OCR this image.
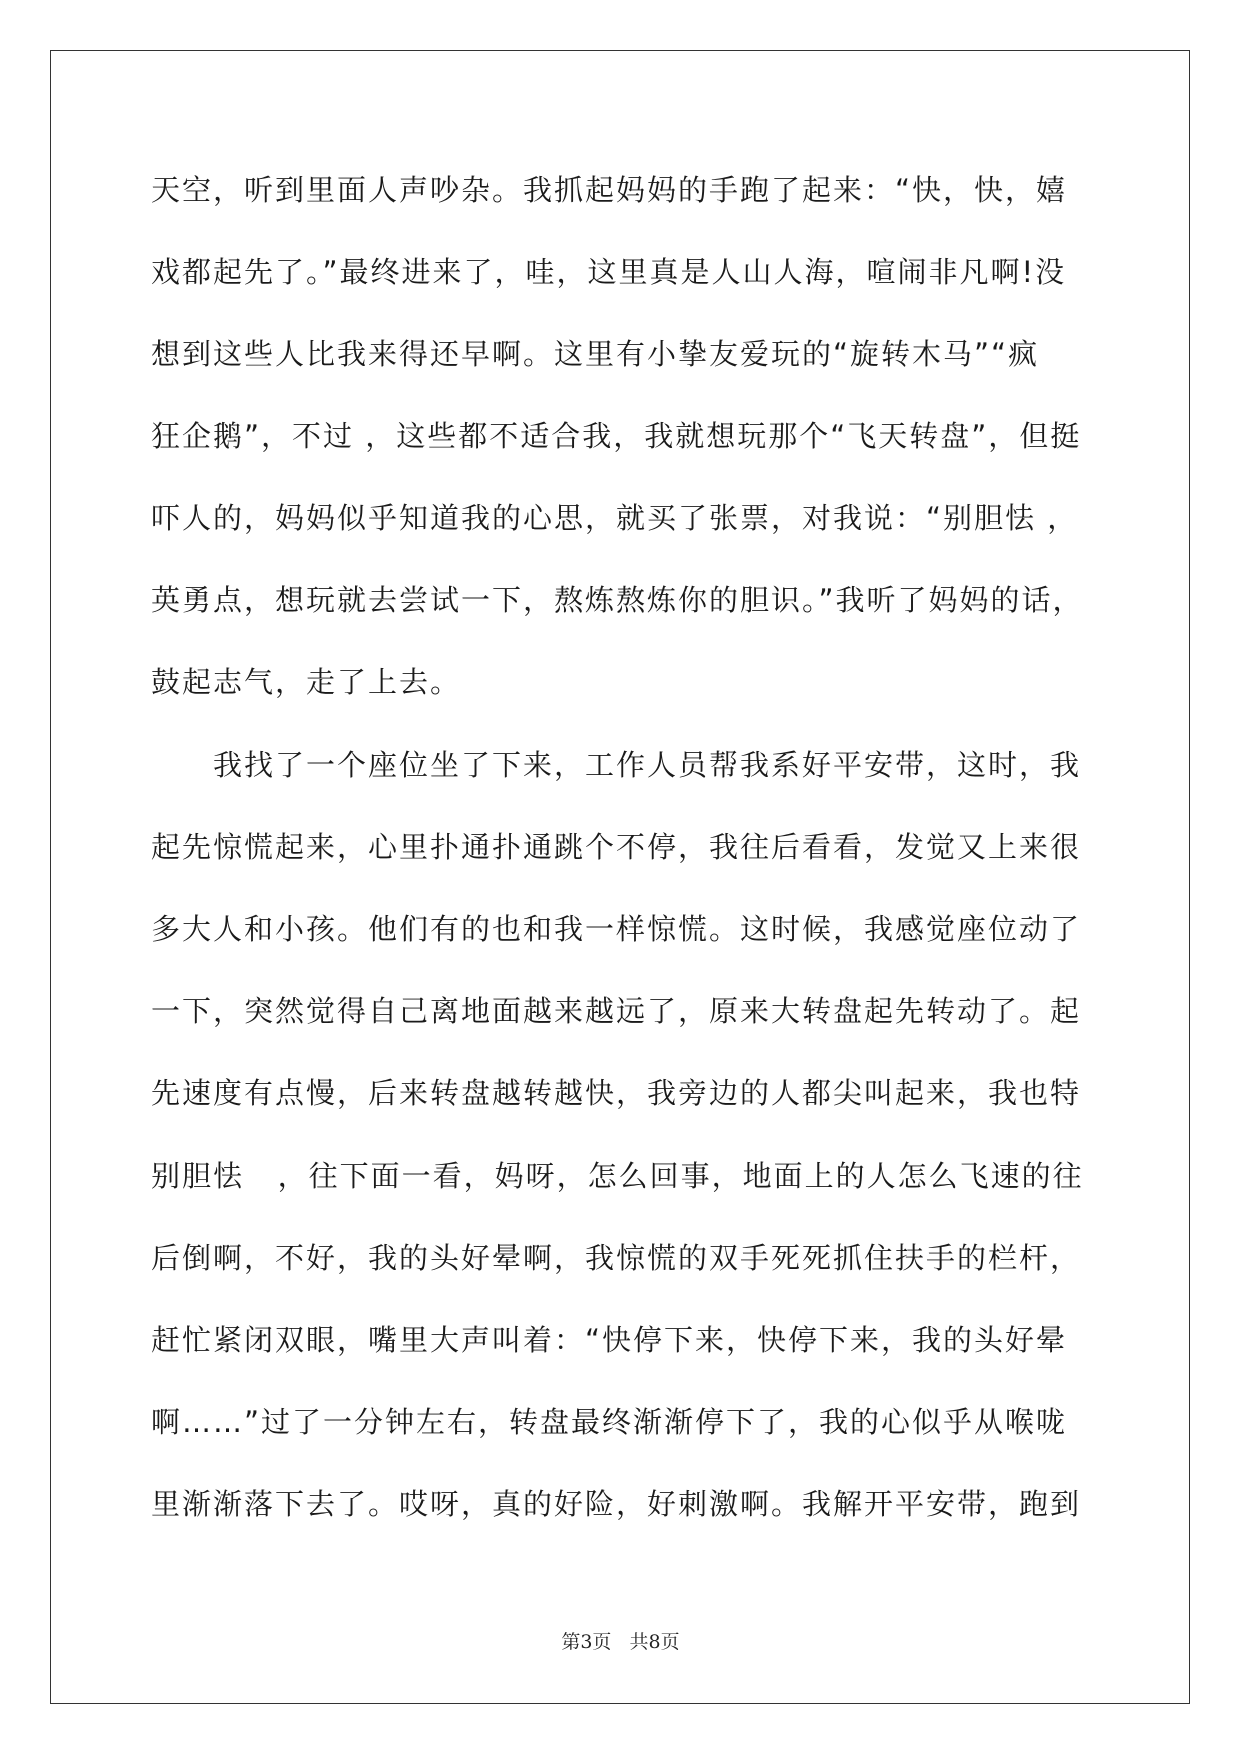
天空，听到里面人声吵杂。我抓起妈妈的手跑了起来：“快，快，嬉

戏都起先了。”最终进来了，哇，这里真是人山人海，喧闹非凡啊!没

想到这些人比我来得还早啊。这里有小挚友爱玩的“旋转木马”“疯

狂企鹅”，不过 ，这些都不适合我，我就想玩那个“飞天转盘”，但挺

吓人的，妈妈似乎知道我的心思，就买了张票，对我说：“别胆怯 ，

英勇点，想玩就去尝试一下，熬炼熬炼你的胆识。”我听了妈妈的话，

鼓起志气，走了上去。

我找了一个座位坐了下来，工作人员帮我系好平安带，这时，我

起先惊慌起来，心里扑通扑通跳个不停，我往后看看，发觉又上来很

多大人和小孩。他们有的也和我一样惊慌。这时候，我感觉座位动了

一下，突然觉得自己离地面越来越远了，原来大转盘起先转动了。起

先速度有点慢，后来转盘越转越快，我旁边的人都尖叫起来，我也特

别胆怯   ，往下面一看，妈呀，怎么回事，地面上的人怎么飞速的往

后倒啊，不好，我的头好晕啊，我惊慌的双手死死抓住扶手的栏杆，

赶忙紧闭双眼，嘴里大声叫着：“快停下来，快停下来，我的头好晕

啊……”过了一分钟左右，转盘最终渐渐停下了，我的心似乎从喉咙

里渐渐落下去了。哎呀，真的好险，好刺激啊。我解开平安带，跑到

第3页   共8页
